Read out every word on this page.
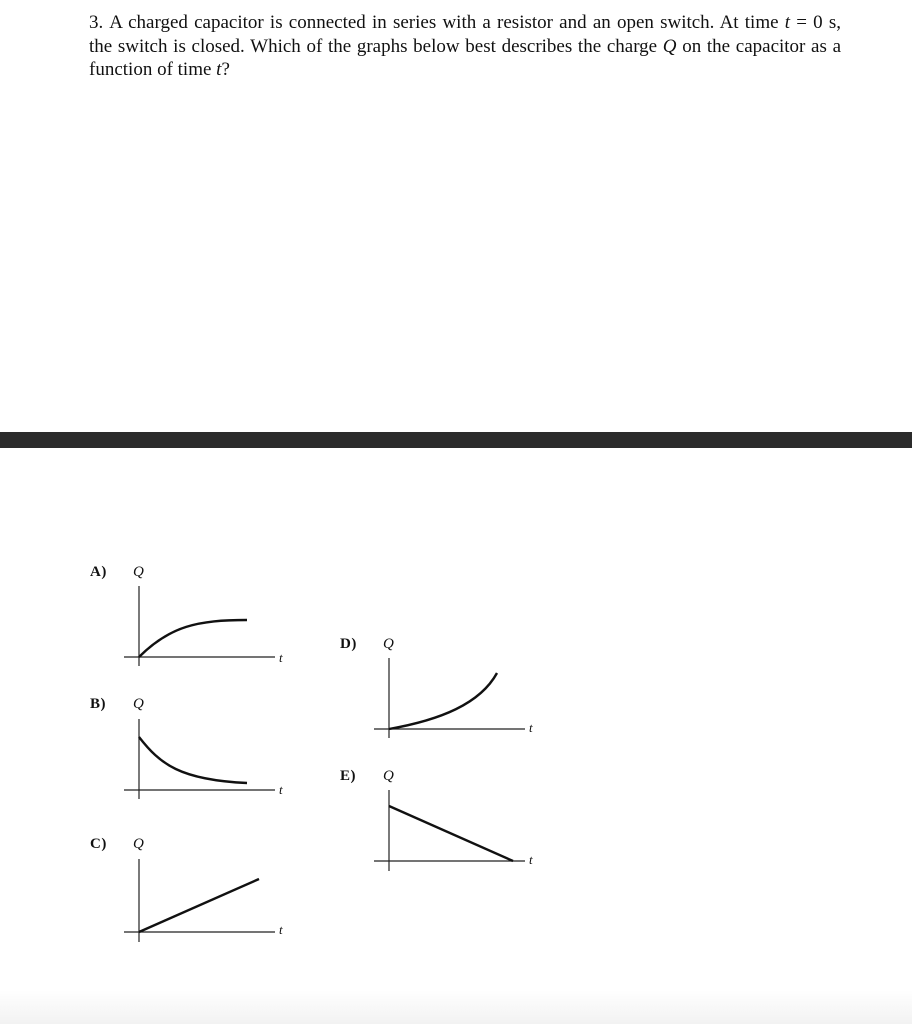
3. A charged capacitor is connected in series with a resistor and an open switch. At time t = 0 s, the switch is closed. Which of the graphs below best describes the charge Q on the capacitor as a function of time t?
A) Q
t
B) Q
t
C) Q
t
D) Q
t
E) Q
t
